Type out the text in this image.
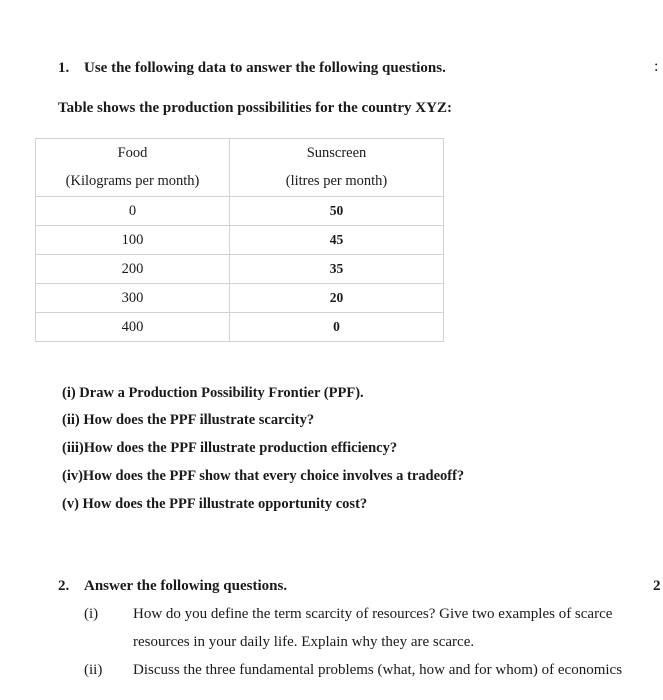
1. Use the following data to answer the following questions.	:
Table shows the production possibilities for the country XYZ:
Food	Sunscreen
(Kilograms per month)	(litres per month)
0	50
100	45
200	35
300	20
400	0
(i) Draw a Production Possibility Frontier (PPF).
(ii) How does the PPF illustrate scarcity?
(iii)How does the PPF illustrate production efficiency?
(iv)How does the PPF show that every choice involves a tradeoff?
(v) How does the PPF illustrate opportunity cost?
2. Answer the following questions.	2
(i) How do you define the term scarcity of resources? Give two examples of scarce
resources in your daily life. Explain why they are scarce.
(ii) Discuss the three fundamental problems (what, how and for whom) of economics
